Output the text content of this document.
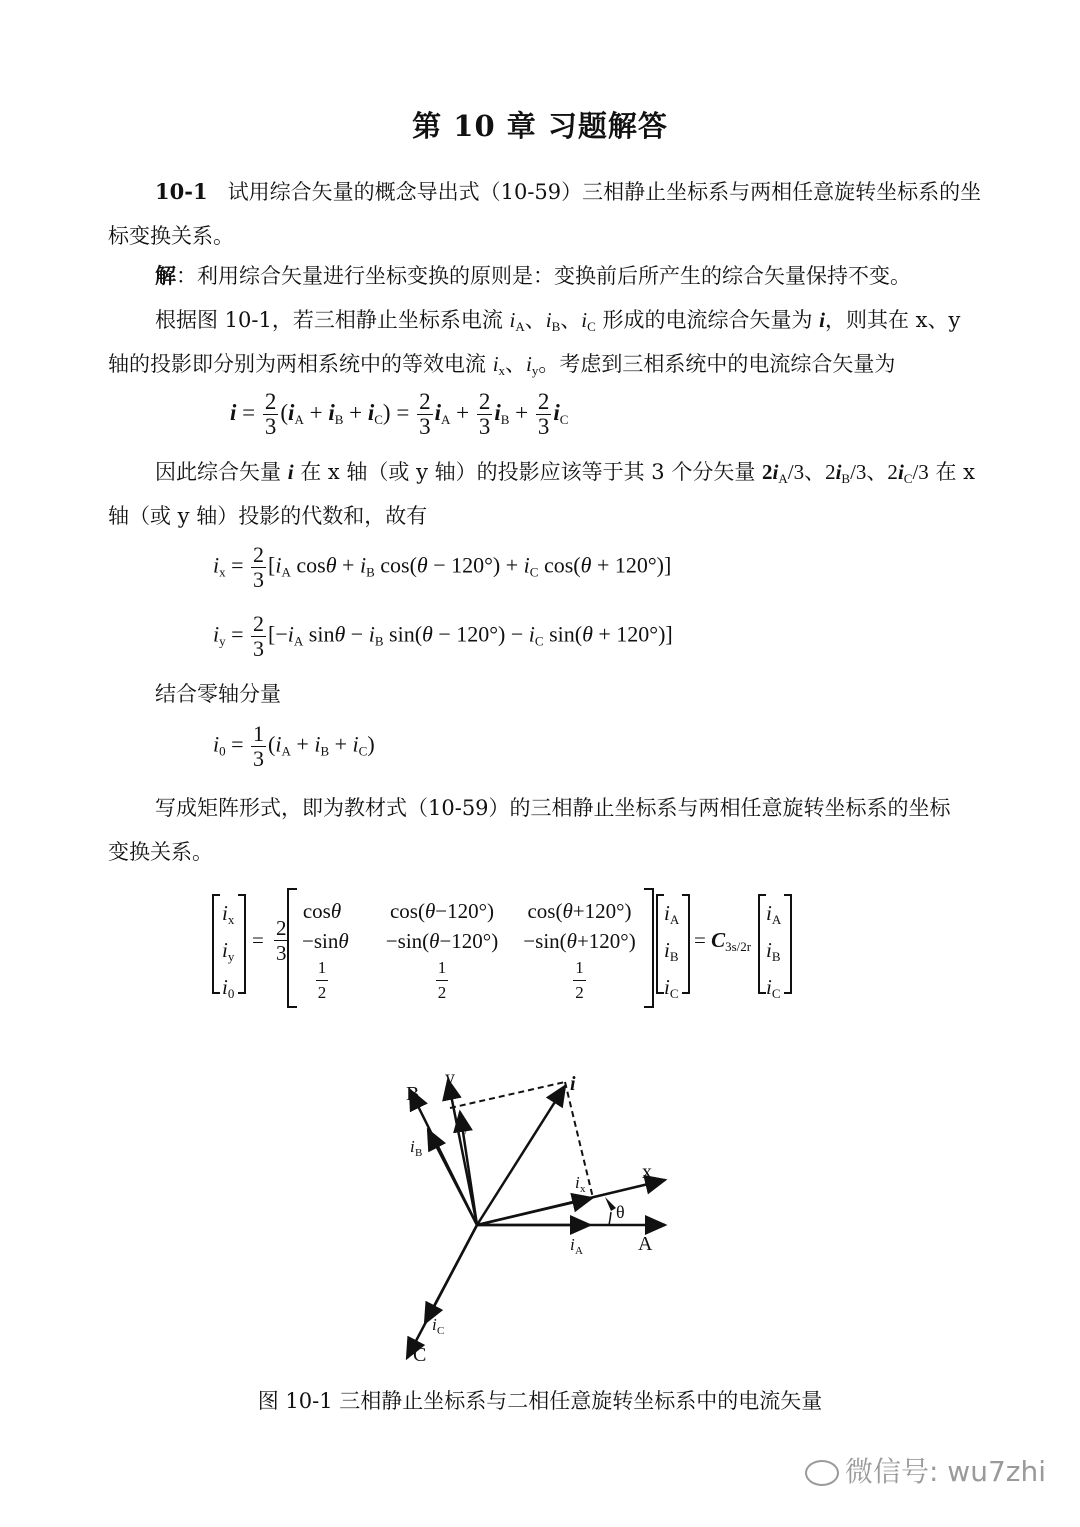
第 10 章 习题解答
10-1 试用综合矢量的概念导出式（10-59）三相静止坐标系与两相任意旋转坐标系的坐
标变换关系。
解：利用综合矢量进行坐标变换的原则是：变换前后所产生的综合矢量保持不变。
根据图 10-1，若三相静止坐标系电流 $i_A$、$i_B$、$i_C$ 形成的电流综合矢量为 i，则其在 x、y
轴的投影即分别为两相系统中的等效电流 $i_x$、$i_y$。考虑到三相系统中的电流综合矢量为
$i = \frac{2}{3} (i_A + i_B + i_C) = \frac{2}{3} i_A + \frac{2}{3} i_B + \frac{2}{3} i_C$
因此综合矢量 i 在 x 轴（或 y 轴）的投影应该等于其 3 个分矢量 $2i_A/3$、$2i_B/3$、$2i_C/3$ 在 x
轴（或 y 轴）投影的代数和，故有
$i_x = \frac{2}{3} [i_A$ $\cos\theta + i_B$ $\cos(\theta - 120^\circ) + i_C$ cos(θ + 120°)]
$i_y = \frac{2}{3} [-i_A$ $\sin\theta - i_B$ $\sin(\theta - 120^\circ) - i_C$ sin(θ + 120°)]
结合零轴分量
$i_0 = \frac{1}{3} (i_A + i_B + i_C)$
写成矩阵形式，即为教材式（10-59）的三相静止坐标系与两相任意旋转坐标系的坐标
变换关系。
$i_x$
$i_y$
$i_0$
= $\frac{2}{3}$
cosθ
−sinθ

$\frac{1}{2}$
cos(θ−120°)
−sin(θ−120°)

$\frac{1}{2}$
cos(θ+120°)
−sin(θ+120°)

$\frac{1}{2}$
$i_A$
$i_B$
$i_C$
= $C_{3s/2r}$
$i_A$
$i_B$
$i_C$
A
B
C
x
y	i
θ
i A
i B
i C
i x
i y
图 10-1 三相静止坐标系与二相任意旋转坐标系中的电流矢量
微信号: wu7zhi
